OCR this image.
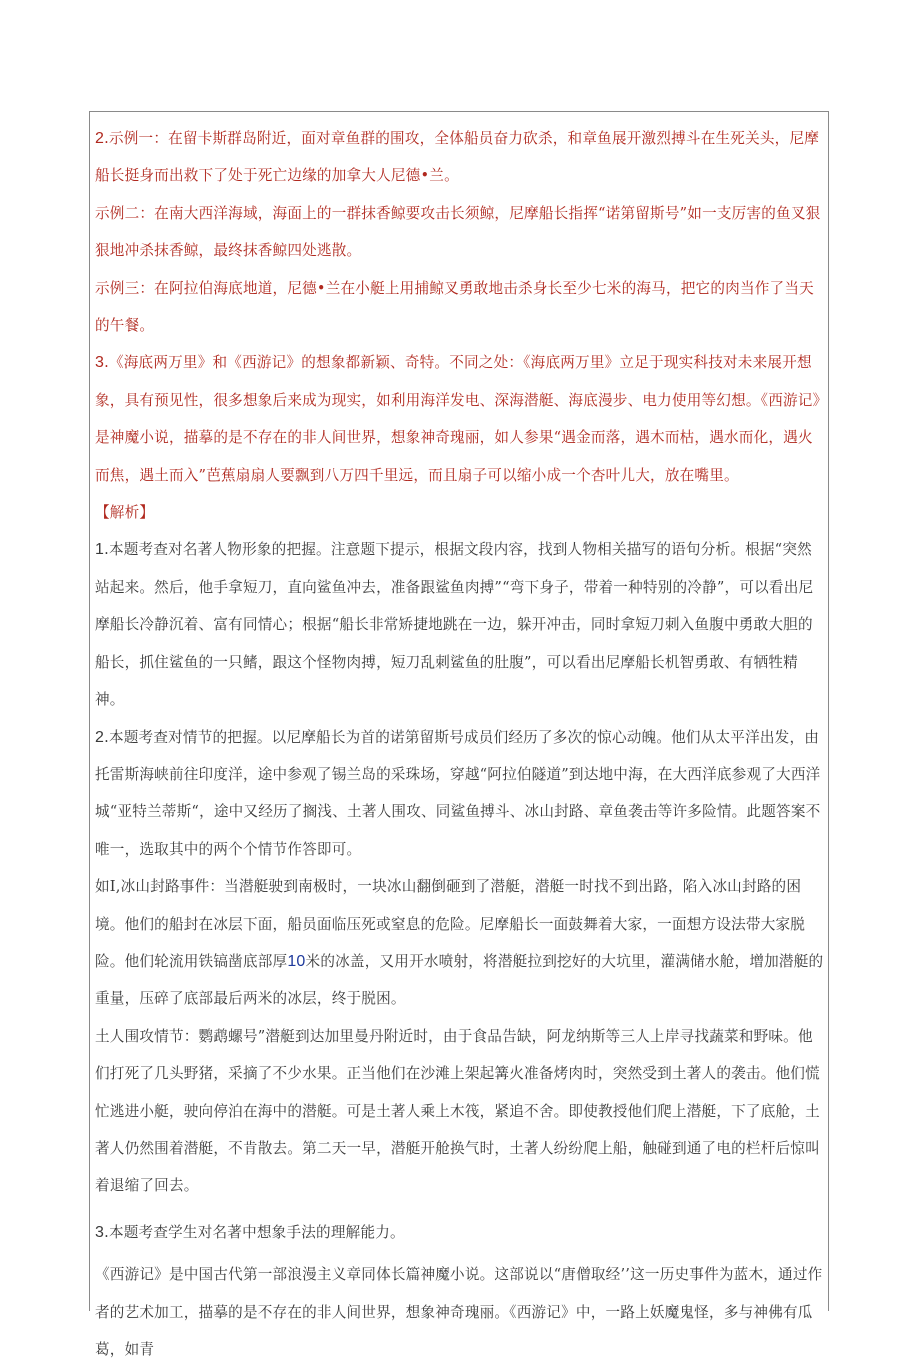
2.示例一：在留卡斯群岛附近，面对章鱼群的围攻，全体船员奋力砍杀，和章鱼展开激烈搏斗在生死关头，尼摩船长挺身而出救下了处于死亡边缘的加拿大人尼德•兰。

示例二：在南大西洋海域，海面上的一群抹香鲸要攻击长须鲸，尼摩船长指挥“诺第留斯号”如一支厉害的鱼叉狠狠地冲杀抹香鲸，最终抹香鲸四处逃散。

示例三：在阿拉伯海底地道，尼德•兰在小艇上用捕鲸叉勇敢地击杀身长至少七米的海马，把它的肉当作了当天的午餐。

3.《海底两万里》和《西游记》的想象都新颖、奇特。不同之处：《海底两万里》立足于现实科技对未来展开想象，具有预见性，很多想象后来成为现实，如利用海洋发电、深海潜艇、海底漫步、电力使用等幻想。《西游记》是神魔小说，描摹的是不存在的非人间世界，想象神奇瑰丽，如人参果“遇金而落，遇木而枯，遇水而化，遇火而焦，遇土而入”芭蕉扇扇人要飘到八万四千里远，而且扇子可以缩小成一个杏叶儿大，放在嘴里。

【解析】

1.本题考查对名著人物形象的把握。注意题下提示，根据文段内容，找到人物相关描写的语句分析。根据“突然站起来。然后，他手拿短刀，直向鲨鱼冲去，准备跟鲨鱼肉搏”“弯下身子，带着一种特别的冷静”，可以看出尼摩船长冷静沉着、富有同情心；根据“船长非常矫捷地跳在一边，躲开冲击，同时拿短刀刺入鱼腹中勇敢大胆的船长，抓住鲨鱼的一只鳍，跟这个怪物肉搏，短刀乱刺鲨鱼的肚腹”，可以看出尼摩船长机智勇敢、有牺牲精神。

2.本题考查对情节的把握。以尼摩船长为首的诺第留斯号成员们经历了多次的惊心动魄。他们从太平洋出发，由托雷斯海峡前往印度洋，途中参观了锡兰岛的采珠场，穿越“阿拉伯隧道”到达地中海，在大西洋底参观了大西洋城“亚特兰蒂斯“，途中又经历了搁浅、土著人围攻、同鲨鱼搏斗、冰山封路、章鱼袭击等许多险情。此题答案不唯一，选取其中的两个个情节作答即可。

如Ⅰ,冰山封路事件：当潜艇驶到南极时，一块冰山翻倒砸到了潜艇，潜艇一时找不到出路，陷入冰山封路的困境。他们的船封在冰层下面，船员面临压死或窒息的危险。尼摩船长一面鼓舞着大家，一面想方设法带大家脱险。他们轮流用铁镐凿底部厚10米的冰盖，又用开水喷射，将潜艇拉到挖好的大坑里，灌满储水舱，增加潜艇的重量，压碎了底部最后两米的冰层，终于脱困。

土人围攻情节：鹦鹉螺号”潜艇到达加里曼丹附近时，由于食品告缺，阿龙纳斯等三人上岸寻找蔬菜和野味。他们打死了几头野猪，采摘了不少水果。正当他们在沙滩上架起篝火准备烤肉时，突然受到土著人的袭击。他们慌忙逃进小艇，驶向停泊在海中的潜艇。可是土著人乘上木筏，紧追不舍。即使教授他们爬上潜艇，下了底舱，土著人仍然围着潜艇，不肯散去。第二天一早，潜艇开舱换气时，土著人纷纷爬上船，触碰到通了电的栏杆后惊叫着退缩了回去。

3.本题考查学生对名著中想象手法的理解能力。

《西游记》是中国古代第一部浪漫主义章同体长篇神魔小说。这部说以“唐僧取经’’这一历史事件为蓝木，通过作者的艺术加工，描摹的是不存在的非人间世界，想象神奇瑰丽。《西游记》中，一路上妖魔鬼怪，多与神佛有瓜葛，如青
